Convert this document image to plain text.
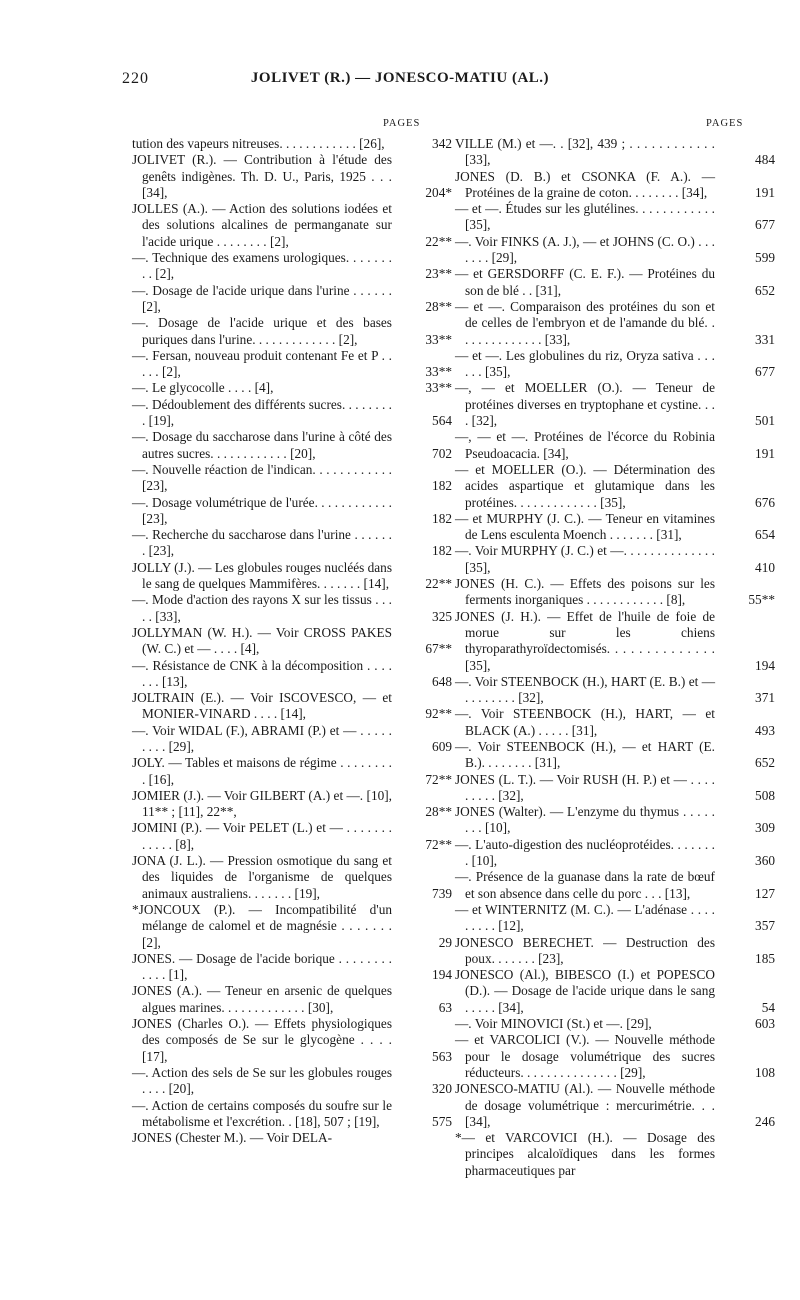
220	JOLIVET (R.) — JONESCO-MATIU (AL.)
PAGES	PAGES
tution des vapeurs nitreuses. . . . . . . . . . . . [26],	342
JOLIVET (R.). — Contribution à l'étude des genêts indigènes. Th. D. U., Paris, 1925 . . . [34],	204*
JOLLES (A.). — Action des solutions iodées et des solutions alcalines de permanganate sur l'acide urique . . . . . . . . [2],	22**
—. Technique des examens urologiques. . . . . . . . . [2],	23**
—. Dosage de l'acide urique dans l'urine . . . . . . [2],	28**
—. Dosage de l'acide urique et des bases puriques dans l'urine. . . . . . . . . . . . . [2],	33**
—. Fersan, nouveau produit contenant Fe et P . . . . . [2],	33**
—. Le glycocolle . . . . [4],	33**
—. Dédoublement des différents sucres. . . . . . . . . [19],	564
—. Dosage du saccharose dans l'urine à côté des autres sucres. . . . . . . . . . . . [20],	702
—. Nouvelle réaction de l'indican. . . . . . . . . . . . [23],	182
—. Dosage volumétrique de l'urée. . . . . . . . . . . . [23],	182
—. Recherche du saccharose dans l'urine . . . . . . . [23],	182
JOLLY (J.). — Les globules rouges nucléés dans le sang de quelques Mammifères. . . . . . . [14],	22**
—. Mode d'action des rayons X sur les tissus . . . . . [33],	325
JOLLYMAN (W. H.). — Voir CROSS PAKES (W. C.) et — . . . . [4],	67**
—. Résistance de CNK à la décomposition . . . . . . . [13],	648
JOLTRAIN (E.). — Voir ISCOVESCO, — et MONIER-VINARD . . . . [14],	92**
—. Voir WIDAL (F.), ABRAMI (P.) et — . . . . . . . . . [29],	609
JOLY. — Tables et maisons de régime . . . . . . . . . [16],	72**
JOMIER (J.). — Voir GILBERT (A.) et —. [10], 11** ; [11], 22**,	28**
JOMINI (P.). — Voir PELET (L.) et — . . . . . . . . . . . . [8],	72**
JONA (J. L.). — Pression osmotique du sang et des liquides de l'organisme de quelques animaux australiens. . . . . . . [19],	739
*JONCOUX (P.). — Incompatibilité d'un mélange de calomel et de magnésie . . . . . . . [2],	29
JONES. — Dosage de l'acide borique . . . . . . . . . . . . [1],	194
JONES (A.). — Teneur en arsenic de quelques algues marines. . . . . . . . . . . . . [30],	63
JONES (Charles O.). — Effets physiologiques des composés de Se sur le glycogène . . . . [17],	563
—. Action des sels de Se sur les globules rouges . . . . [20],	320
—. Action de certains composés du soufre sur le métabolisme et l'excrétion. . [18], 507 ; [19],	575
JONES (Chester M.). — Voir DELA-
VILLE (M.) et —. . [32], 439 ; . . . . . . . . . . . . [33],	484
JONES (D. B.) et CSONKA (F. A.). — Protéines de la graine de coton. . . . . . . . [34],	191
— et —. Études sur les glutélines. . . . . . . . . . . . [35],	677
—. Voir FINKS (A. J.), — et JOHNS (C. O.) . . . . . . . [29],	599
— et GERSDORFF (C. E. F.). — Protéines du son de blé . . [31],	652
— et —. Comparaison des protéines du son et de celles de l'embryon et de l'amande du blé. . . . . . . . . . . . . . [33],	331
— et —. Les globulines du riz, Oryza sativa . . . . . . [35],	677
—, — et MOELLER (O.). — Teneur de protéines diverses en tryptophane et cystine. . . . [32],	501
—, — et —. Protéines de l'écorce du Robinia Pseudoacacia. [34],	191
— et MOELLER (O.). — Détermination des acides aspartique et glutamique dans les protéines. . . . . . . . . . . . . [35],	676
— et MURPHY (J. C.). — Teneur en vitamines de Lens esculenta Moench . . . . . . . [31],	654
—. Voir MURPHY (J. C.) et —. . . . . . . . . . . . . . [35],	410
JONES (H. C.). — Effets des poisons sur les ferments inorganiques . . . . . . . . . . . . [8],	55**
JONES (J. H.). — Effet de l'huile de foie de morue sur les chiens thyroparathyroïdectomisés. . . . . . . . . . . . . . [35],	194
—. Voir STEENBOCK (H.), HART (E. B.) et — . . . . . . . . [32],	371
—. Voir STEENBOCK (H.), HART, — et BLACK (A.) . . . . . [31],	493
—. Voir STEENBOCK (H.), — et HART (E. B.). . . . . . . . [31],	652
JONES (L. T.). — Voir RUSH (H. P.) et — . . . . . . . . . [32],	508
JONES (Walter). — L'enzyme du thymus . . . . . . . . [10],	309
—. L'auto-digestion des nucléoprotéides. . . . . . . . [10],	360
—. Présence de la guanase dans la rate de bœuf et son absence dans celle du porc . . . [13],	127
— et WINTERNITZ (M. C.). — L'adénase . . . . . . . . . [12],	357
JONESCO BERECHET. — Destruction des poux. . . . . . . [23],	185
JONESCO (Al.), BIBESCO (I.) et POPESCO (D.). — Dosage de l'acide urique dans le sang . . . . . [34],	54
—. Voir MINOVICI (St.) et —. [29],	603
— et VARCOLICI (V.). — Nouvelle méthode pour le dosage volumétrique des sucres réducteurs. . . . . . . . . . . . . . . [29],	108
JONESCO-MATIU (Al.). — Nouvelle méthode de dosage volumétrique : mercurimétrie. . . [34],	246
*— et VARCOVICI (H.). — Dosage des principes alcaloïdiques dans les formes pharmaceutiques par
